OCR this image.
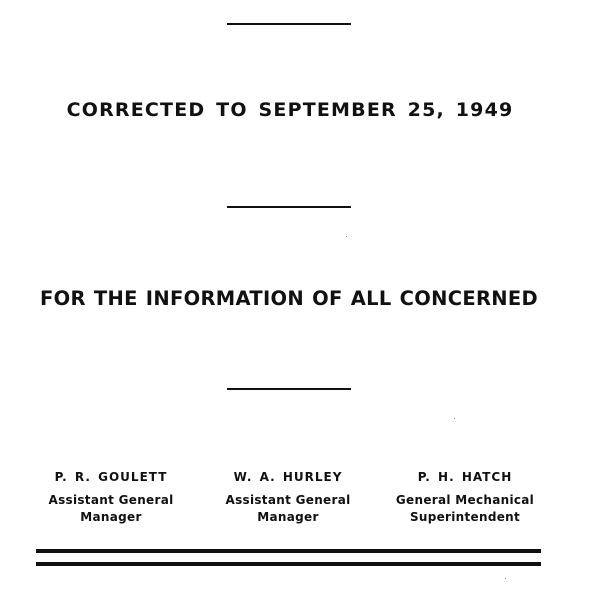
CORRECTED TO SEPTEMBER 25, 1949
FOR THE INFORMATION OF ALL CONCERNED
P. R. GOULETT
Assistant General
Manager
W. A. HURLEY
Assistant General
Manager
P. H. HATCH
General Mechanical
Superintendent
